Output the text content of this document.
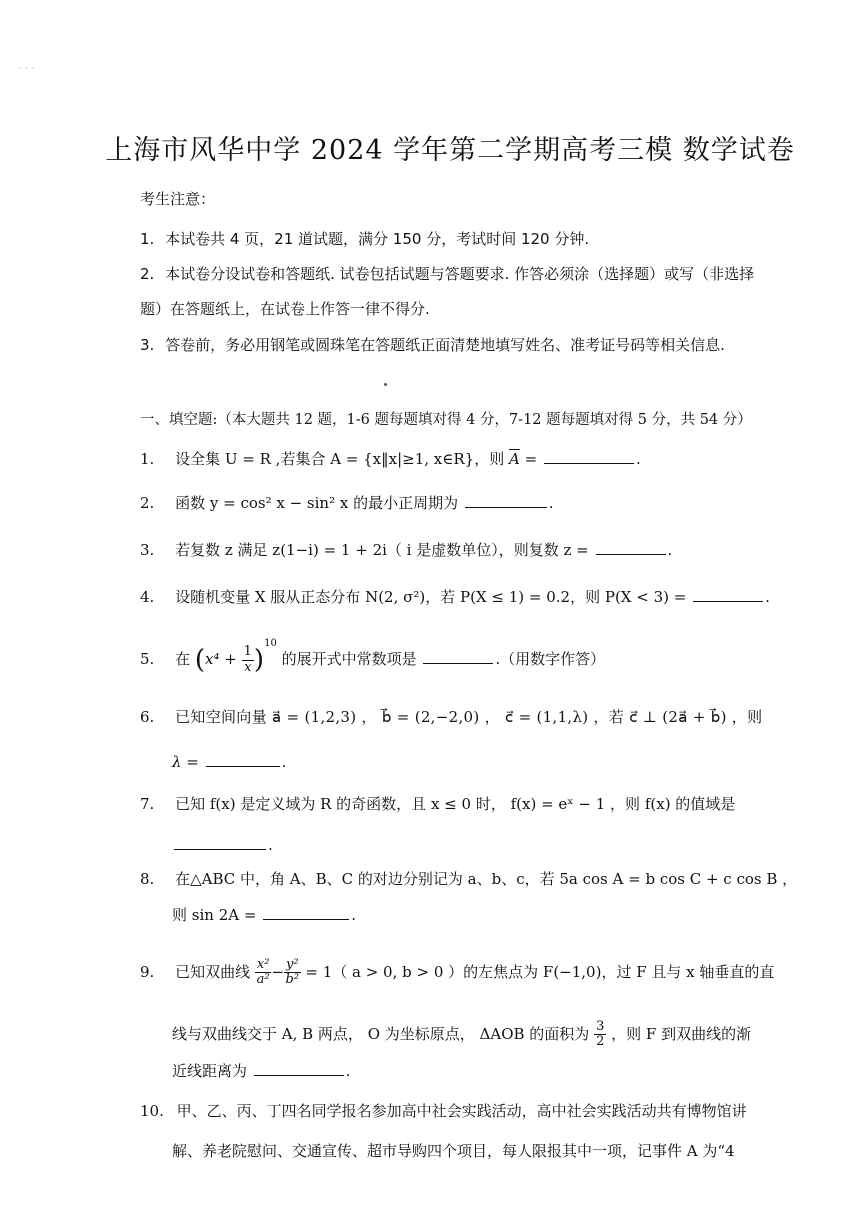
- - -
上海市风华中学 2024 学年第二学期高考三模 数学试卷
考生注意：
1. 本试卷共 4 页，21 道试题，满分 150 分，考试时间 120 分钟.
2. 本试卷分设试卷和答题纸. 试卷包括试题与答题要求. 作答必须涂（选择题）或写（非选择
题）在答题纸上，在试卷上作答一律不得分.
3. 答卷前，务必用钢笔或圆珠笔在答题纸正面清楚地填写姓名、准考证号码等相关信息.
一、填空题:（本大题共 12 题，1-6 题每题填对得 4 分，7-12 题每题填对得 5 分，共 54 分）
1. 设全集 U = R ,若集合 A = {x‖x|≥1, x∈R}，则 $\overline{A}$ =	.
2. 函数 y = cos² x − sin² x 的最小正周期为	.
3. 若复数 z 满足 z(1−i) = 1 + 2i（ i 是虚数单位），则复数 z =	.
4. 设随机变量 X 服从正态分布 N(2, σ²)，若 P(X ≤ 1) = 0.2，则 P(X < 3) =	.
5. 在 $(x^4 + \frac{1}{x} )^{10}$ 的展开式中常数项是	.（用数字作答）
6. 已知空间向量 a⃗ = (1,2,3) ， b⃗ = (2,−2,0) ， c⃗ = (1,1,λ) ，若 c⃗ ⊥ (2a⃗ + b⃗) ，则
λ =	.
7. 已知 f(x) 是定义域为 R 的奇函数，且 x ≤ 0 时， f(x) = eˣ − 1 ，则 f(x) 的值域是
.
8. 在△ABC 中，角 A、B、C 的对边分别记为 a、b、c，若 5a cos A = b cos C + c cos B ，
则 sin 2A =	.
9. 已知双曲线 $\frac{\text{x²}}{\text{a²}} - \frac{\text{y²}}{\text{b²}} = 1$（ a > 0, b > 0 ）的左焦点为 F(−1,0)，过 F 且与 x 轴垂直的直
线与双曲线交于 A, B 两点， O 为坐标原点， ΔAOB 的面积为 $\frac{3}{2}$ ，则 F 到双曲线的渐
近线距离为	.
10. 甲、乙、丙、丁四名同学报名参加高中社会实践活动，高中社会实践活动共有博物馆讲
解、养老院慰问、交通宣传、超市导购四个项目，每人限报其中一项，记事件 A 为“4
